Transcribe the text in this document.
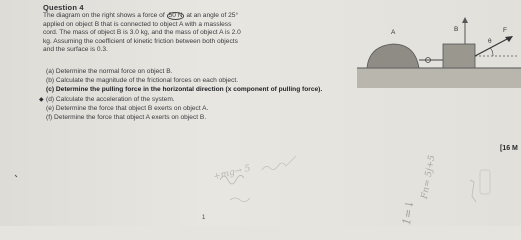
Question 4
The diagram on the right shows a force of 50 N at an angle of 25°
applied on object B that is connected to object A with a massless
cord. The mass of object B is 3.0 kg, and the mass of object A is 2.0
kg. Assuming the coefficient of kinetic friction between both objects
and the surface is 0.3.
◆
(a) Determine the normal force on object B.
(b) Calculate the magnitude of the frictional forces on each object.
(c) Determine the pulling force in the horizontal direction (x component of pulling force).
(d) Calculate the acceleration of the system.
(e) Determine the force that object B exerts on object A.
(f) Determine the force that object A exerts on object B.
[16 M
1
A	B	F
θ
+mg→ 5	Fn= 5j+5
1=↓
